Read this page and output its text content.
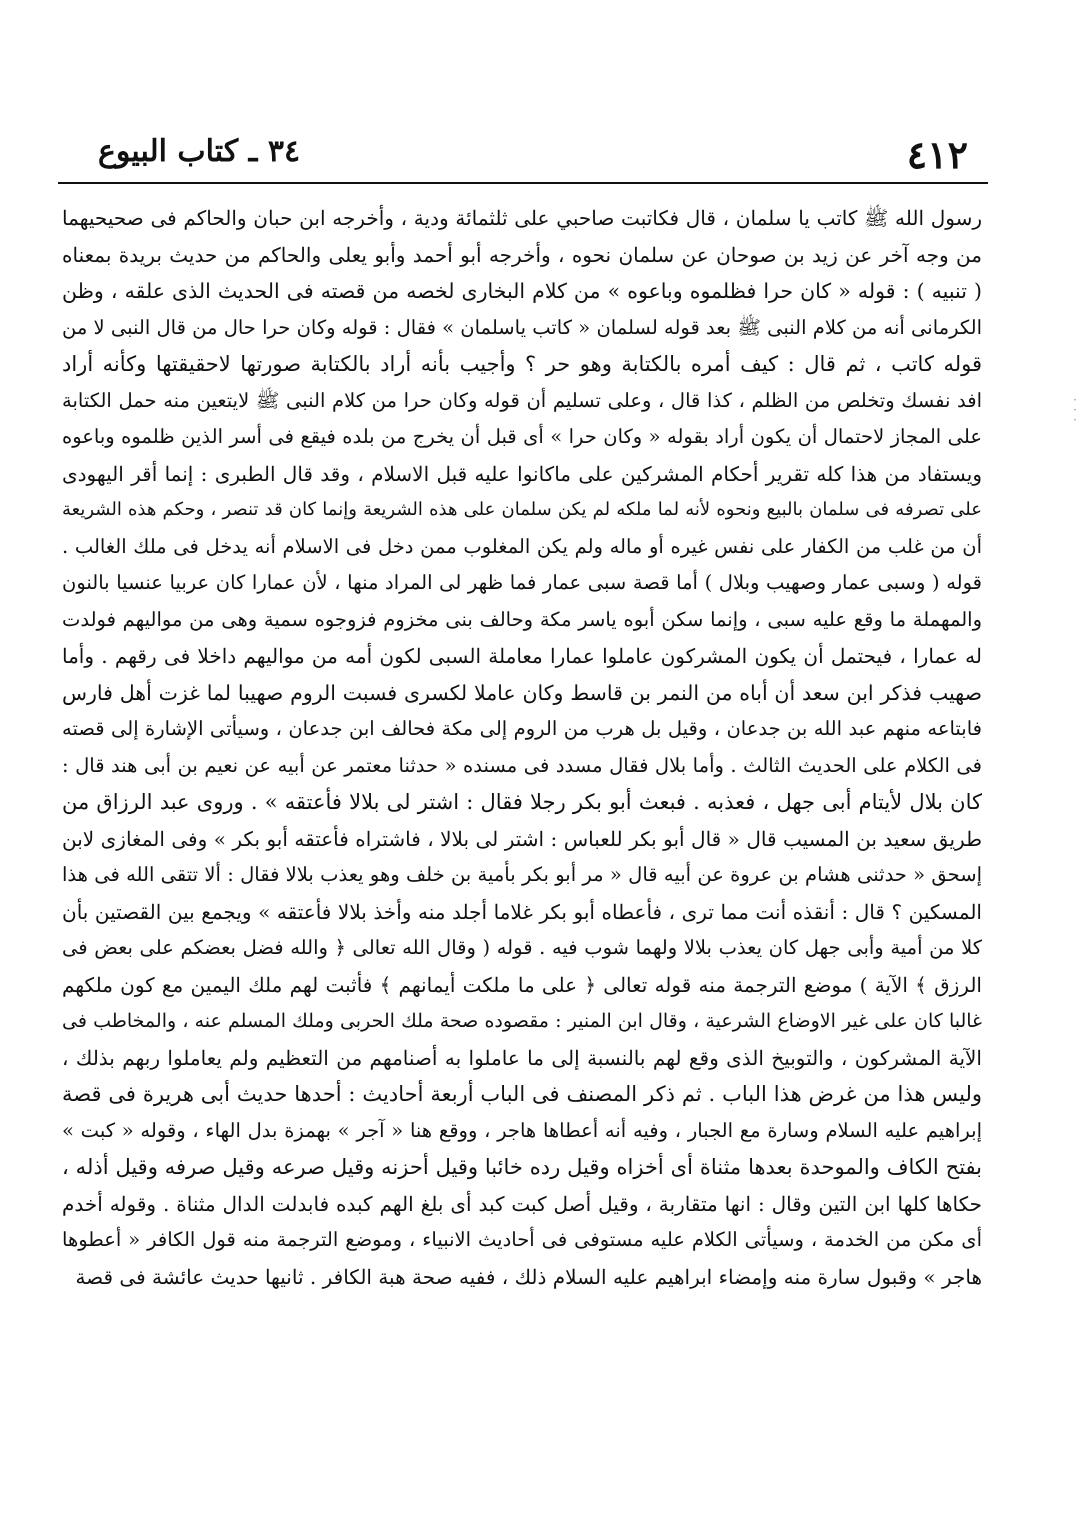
٣٤ ـ كتاب البيوع	٤١٢
رسول الله ﷺ كاتب يا سلمان ، قال فكاتبت صاحبي على ثلثمائة ودية ، وأخرجه ابن حبان والحاكم فى صحيحيهما
من وجه آخر عن زيد بن صوحان عن سلمان نحوه ، وأخرجه أبو أحمد وأبو يعلى والحاكم من حديث بريدة بمعناه
( تنبيه ) : قوله « كان حرا فظلموه وباعوه » من كلام البخارى لخصه من قصته فى الحديث الذى علقه ، وظن
الكرمانى أنه من كلام النبى ﷺ بعد قوله لسلمان « كاتب ياسلمان » فقال : قوله وكان حرا حال من قال النبى لا من
قوله كاتب ، ثم قال : كيف أمره بالكتابة وهو حر ؟ وأجيب بأنه أراد بالكتابة صورتها لاحقيقتها وكأنه أراد
افد نفسك وتخلص من الظلم ، كذا قال ، وعلى تسليم أن قوله وكان حرا من كلام النبى ﷺ لايتعين منه حمل الكتابة
على المجاز لاحتمال أن يكون أراد بقوله « وكان حرا » أى قبل أن يخرج من بلده فيقع فى أسر الذين ظلموه وباعوه
ويستفاد من هذا كله تقرير أحكام المشركين على ماكانوا عليه قبل الاسلام ، وقد قال الطبرى : إنما أقر اليهودى
على تصرفه فى سلمان بالبيع ونحوه لأنه لما ملكه لم يكن سلمان على هذه الشريعة وإنما كان قد تنصر ، وحكم هذه الشريعة
أن من غلب من الكفار على نفس غيره أو ماله ولم يكن المغلوب ممن دخل فى الاسلام أنه يدخل فى ملك الغالب .
قوله ( وسبى عمار وصهيب وبلال ) أما قصة سبى عمار فما ظهر لى المراد منها ، لأن عمارا كان عربيا عنسيا بالنون
والمهملة ما وقع عليه سبى ، وإنما سكن أبوه ياسر مكة وحالف بنى مخزوم فزوجوه سمية وهى من مواليهم فولدت
له عمارا ، فيحتمل أن يكون المشركون عاملوا عمارا معاملة السبى لكون أمه من مواليهم داخلا فى رقهم . وأما
صهيب فذكر ابن سعد أن أباه من النمر بن قاسط وكان عاملا لكسرى فسبت الروم صهيبا لما غزت أهل فارس
فابتاعه منهم عبد الله بن جدعان ، وقيل بل هرب من الروم إلى مكة فحالف ابن جدعان ، وسيأتى الإشارة إلى قصته
فى الكلام على الحديث الثالث . وأما بلال فقال مسدد فى مسنده « حدثنا معتمر عن أبيه عن نعيم بن أبى هند قال :
كان بلال لأيتام أبى جهل ، فعذبه . فبعث أبو بكر رجلا فقال : اشتر لى بلالا فأعتقه » . وروى عبد الرزاق من
طريق سعيد بن المسيب قال « قال أبو بكر للعباس : اشتر لى بلالا ، فاشتراه فأعتقه أبو بكر » وفى المغازى لابن
إسحق « حدثنى هشام بن عروة عن أبيه قال « مر أبو بكر بأمية بن خلف وهو يعذب بلالا فقال : ألا تتقى الله فى هذا
المسكين ؟ قال : أنقذه أنت مما ترى ، فأعطاه أبو بكر غلاما أجلد منه وأخذ بلالا فأعتقه » ويجمع بين القصتين بأن
كلا من أمية وأبى جهل كان يعذب بلالا ولهما شوب فيه . قوله ( وقال الله تعالى ﴿ والله فضل بعضكم على بعض فى
الرزق ﴾ الآية ) موضع الترجمة منه قوله تعالى ﴿ على ما ملكت أيمانهم ﴾ فأثبت لهم ملك اليمين مع كون ملكهم
غالبا كان على غير الاوضاع الشرعية ، وقال ابن المنير : مقصوده صحة ملك الحربى وملك المسلم عنه ، والمخاطب فى
الآية المشركون ، والتوبيخ الذى وقع لهم بالنسبة إلى ما عاملوا به أصنامهم من التعظيم ولم يعاملوا ربهم بذلك ،
وليس هذا من غرض هذا الباب . ثم ذكر المصنف فى الباب أربعة أحاديث : أحدها حديث أبى هريرة فى قصة
إبراهيم عليه السلام وسارة مع الجبار ، وفيه أنه أعطاها هاجر ، ووقع هنا « آجر » بهمزة بدل الهاء ، وقوله « كبت »
بفتح الكاف والموحدة بعدها مثناة أى أخزاه وقيل رده خائبا وقيل أحزنه وقيل صرعه وقيل صرفه وقيل أذله ،
حكاها كلها ابن التين وقال : انها متقاربة ، وقيل أصل كبت كبد أى بلغ الهم كبده فابدلت الدال مثناة . وقوله أخدم
أى مكن من الخدمة ، وسيأتى الكلام عليه مستوفى فى أحاديث الانبياء ، وموضع الترجمة منه قول الكافر « أعطوها
هاجر » وقبول سارة منه وإمضاء ابراهيم عليه السلام ذلك ، ففيه صحة هبة الكافر . ثانيها حديث عائشة فى قصة
·
·
·
